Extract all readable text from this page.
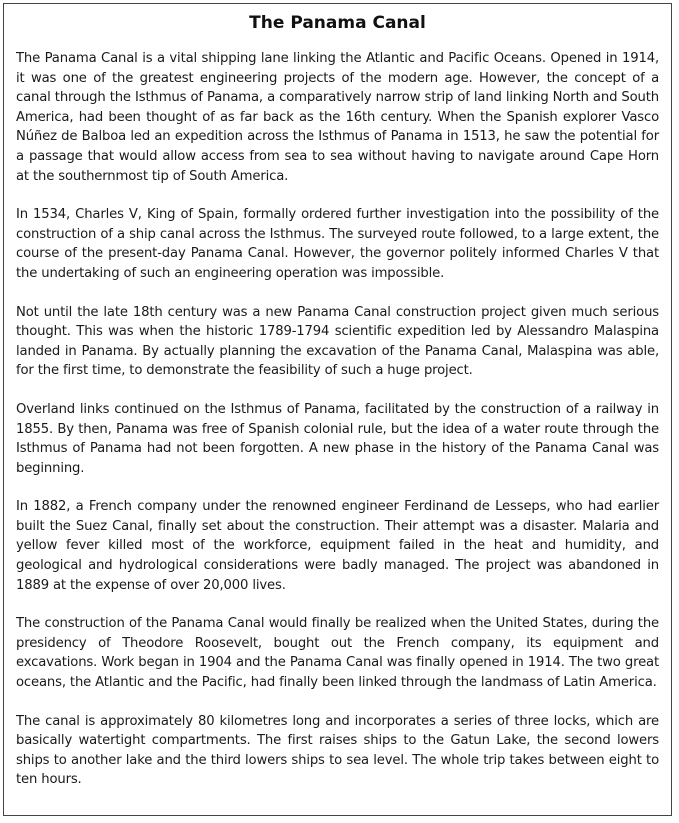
The Panama Canal

The Panama Canal is a vital shipping lane linking the Atlantic and Pacific Oceans. Opened in 1914, it was one of the greatest engineering projects of the modern age. However, the concept of a canal through the Isthmus of Panama, a comparatively narrow strip of land linking North and South America, had been thought of as far back as the 16th century. When the Spanish explorer Vasco Núñez de Balboa led an expedition across the Isthmus of Panama in 1513, he saw the potential for a passage that would allow access from sea to sea without having to navigate around Cape Horn at the southernmost tip of South America.

In 1534, Charles V, King of Spain, formally ordered further investigation into the possibility of the construction of a ship canal across the Isthmus. The surveyed route followed, to a large extent, the course of the present-day Panama Canal. However, the governor politely informed Charles V that the undertaking of such an engineering operation was impossible.

Not until the late 18th century was a new Panama Canal construction project given much serious thought. This was when the historic 1789-1794 scientific expedition led by Alessandro Malaspina landed in Panama. By actually planning the excavation of the Panama Canal, Malaspina was able, for the first time, to demonstrate the feasibility of such a huge project.

Overland links continued on the Isthmus of Panama, facilitated by the construction of a railway in 1855. By then, Panama was free of Spanish colonial rule, but the idea of a water route through the Isthmus of Panama had not been forgotten. A new phase in the history of the Panama Canal was beginning.

In 1882, a French company under the renowned engineer Ferdinand de Lesseps, who had earlier built the Suez Canal, finally set about the construction. Their attempt was a disaster. Malaria and yellow fever killed most of the workforce, equipment failed in the heat and humidity, and geological and hydrological considerations were badly managed. The project was abandoned in 1889 at the expense of over 20,000 lives.

The construction of the Panama Canal would finally be realized when the United States, during the presidency of Theodore Roosevelt, bought out the French company, its equipment and excavations. Work began in 1904 and the Panama Canal was finally opened in 1914. The two great oceans, the Atlantic and the Pacific, had finally been linked through the landmass of Latin America.

The canal is approximately 80 kilometres long and incorporates a series of three locks, which are basically watertight compartments. The first raises ships to the Gatun Lake, the second lowers ships to another lake and the third lowers ships to sea level. The whole trip takes between eight to ten hours.
